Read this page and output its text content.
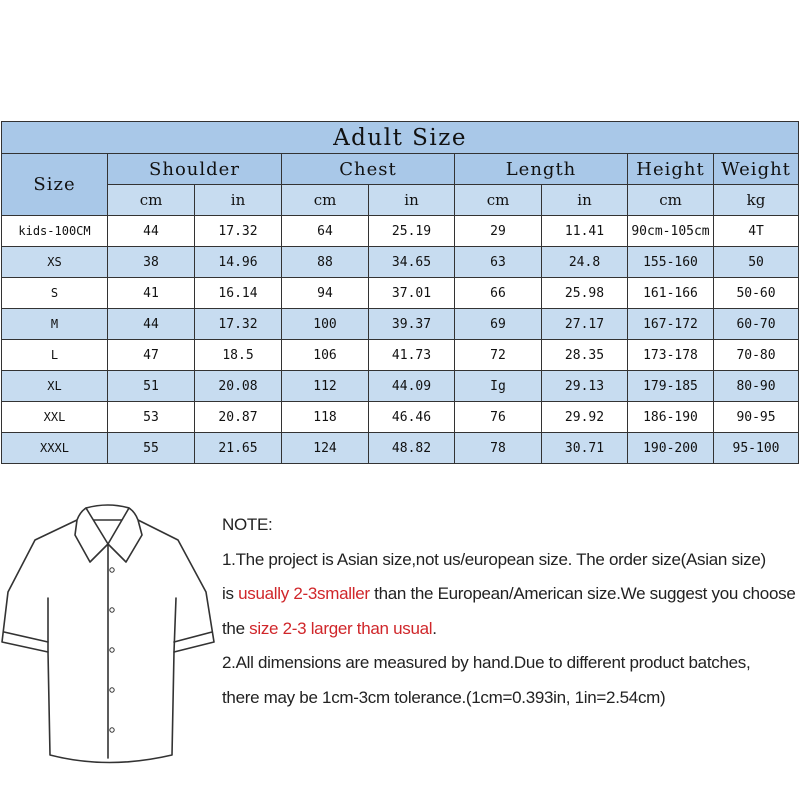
Adult Size								
Size	Shoulder		Chest		Length		Height	Weight
	cm	in	cm	in	cm	in	cm	kg
kids-100CM	44	17.32	64	25.19	29	11.41	90cm-105cm	4T
XS	38	14.96	88	34.65	63	24.8	155-160	50
S	41	16.14	94	37.01	66	25.98	161-166	50-60
M	44	17.32	100	39.37	69	27.17	167-172	60-70
L	47	18.5	106	41.73	72	28.35	173-178	70-80
XL	51	20.08	112	44.09	Ig	29.13	179-185	80-90
XXL	53	20.87	118	46.46	76	29.92	186-190	90-95
XXXL	55	21.65	124	48.82	78	30.71	190-200	95-100

NOTE:

1.The project is Asian size,not us/european size. The order size(Asian size)

is usually 2-3smaller than the European/American size.We suggest you choose

the size 2-3 larger than usual.

2.All dimensions are measured by hand.Due to different product batches,

there may be 1cm-3cm tolerance.(1cm=0.393in, 1in=2.54cm)
